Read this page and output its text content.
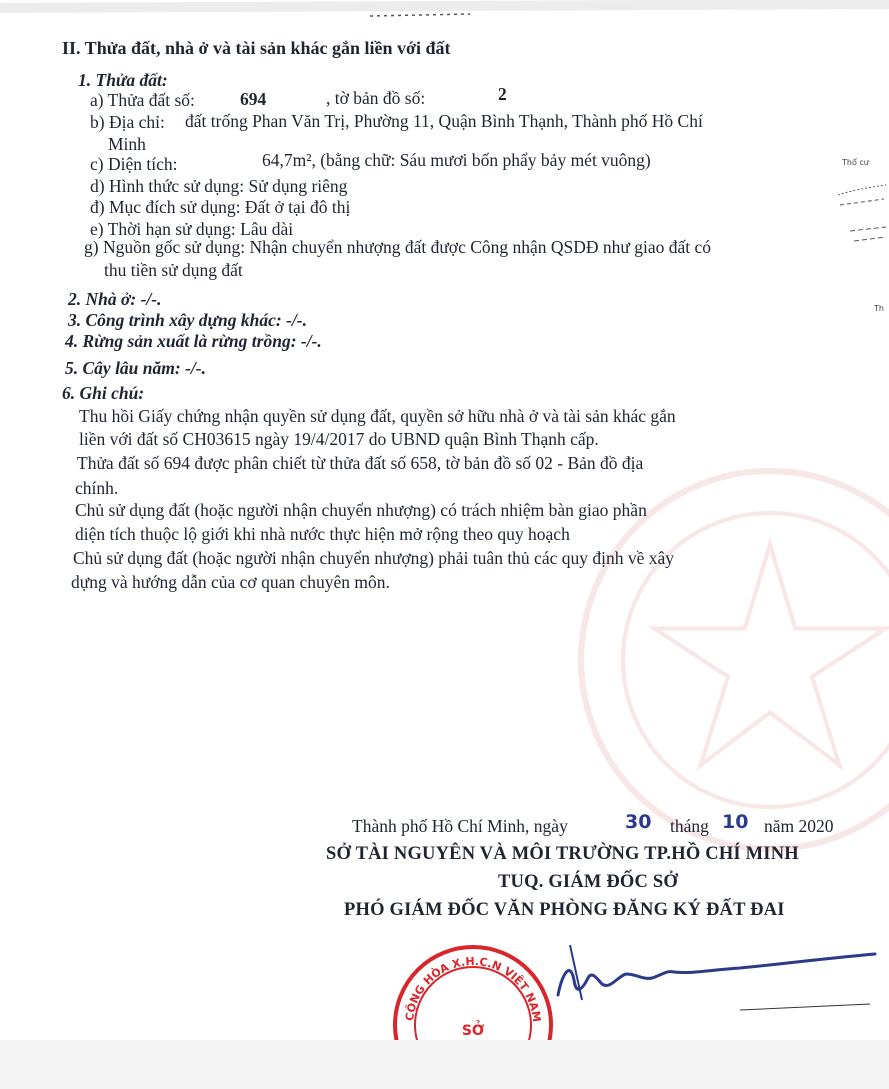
II. Thửa đất, nhà ở và tài sản khác gắn liền với đất
1. Thửa đất:
a) Thửa đất số:	694	, tờ bản đồ số:	2
b) Địa chỉ: đất trống Phan Văn Trị, Phường 11, Quận Bình Thạnh, Thành phố Hồ Chí
Minh
c) Diện tích:	64,7m², (bằng chữ: Sáu mươi bốn phẩy bảy mét vuông)
d) Hình thức sử dụng: Sử dụng riêng
đ) Mục đích sử dụng: Đất ở tại đô thị
e) Thời hạn sử dụng: Lâu dài
g) Nguồn gốc sử dụng: Nhận chuyển nhượng đất được Công nhận QSDĐ như giao đất có
thu tiền sử dụng đất
2. Nhà ở: -/-.
3. Công trình xây dựng khác: -/-.
4. Rừng sản xuất là rừng trồng: -/-.
5. Cây lâu năm: -/-.
6. Ghi chú:
Thu hồi Giấy chứng nhận quyền sử dụng đất, quyền sở hữu nhà ở và tài sản khác gắn
liền với đất số CH03615 ngày 19/4/2017 do UBND quận Bình Thạnh cấp.
Thửa đất số 694 được phân chiết từ thửa đất số 658, tờ bản đồ số 02 - Bản đồ địa
chính.
Chủ sử dụng đất (hoặc người nhận chuyển nhượng) có trách nhiệm bàn giao phần
diện tích thuộc lộ giới khi nhà nước thực hiện mở rộng theo quy hoạch
Chủ sử dụng đất (hoặc người nhận chuyển nhượng) phải tuân thủ các quy định về xây
dựng và hướng dẫn của cơ quan chuyên môn.
Thổ cư
Th
Thành phố Hồ Chí Minh, ngày	30 tháng 10 năm 2020
SỞ TÀI NGUYÊN VÀ MÔI TRƯỜNG TP.HỒ CHÍ MINH
TUQ. GIÁM ĐỐC SỞ
PHÓ GIÁM ĐỐC VĂN PHÒNG ĐĂNG KÝ ĐẤT ĐAI
CỘNG HÒA X.H.C.N VIỆT NAM
SỞ
